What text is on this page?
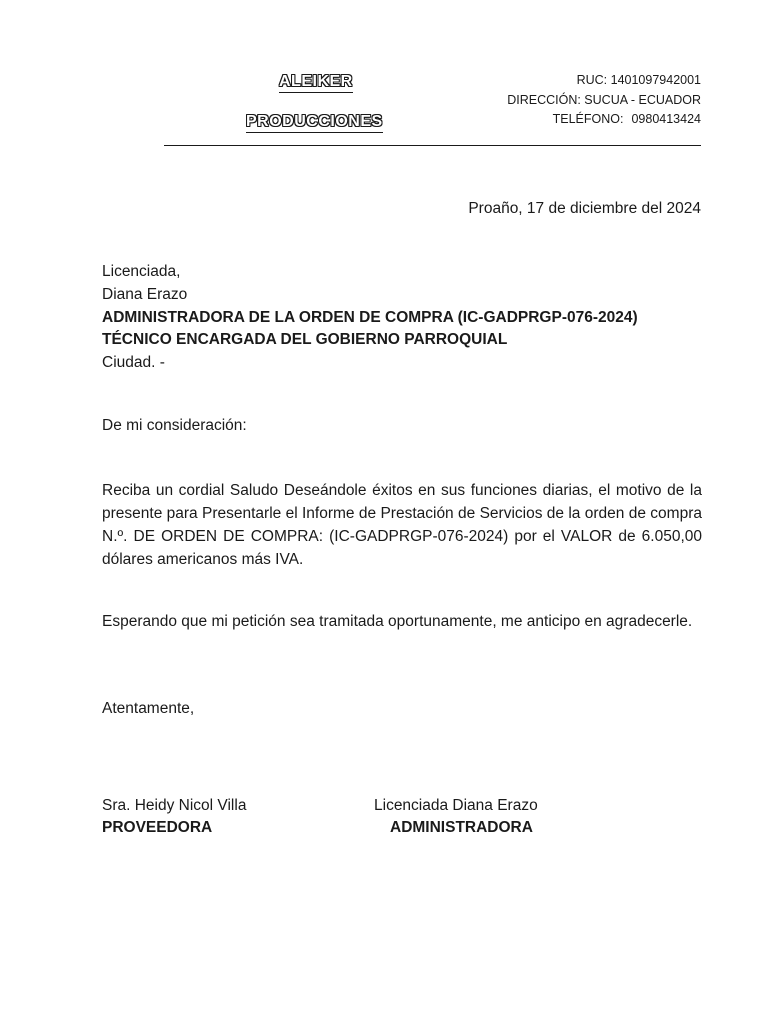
ALEIKER
PRODUCCIONES
RUC: 1401097942001
DIRECCIÓN: SUCUA - ECUADOR
TELÉFONO: 0980413424
Proaño, 17 de diciembre del 2024
Licenciada,
Diana Erazo
ADMINISTRADORA DE LA ORDEN DE COMPRA (IC-GADPRGP-076-2024)
TÉCNICO ENCARGADA DEL GOBIERNO PARROQUIAL
Ciudad. -
De mi consideración:
Reciba un cordial Saludo Deseándole éxitos en sus funciones diarias, el motivo de la presente para Presentarle el Informe de Prestación de Servicios de la orden de compra N.º. DE ORDEN DE COMPRA: (IC-GADPRGP-076-2024) por el VALOR de 6.050,00 dólares americanos más IVA.
Esperando que mi petición sea tramitada oportunamente, me anticipo en agradecerle.
Atentamente,
Sra. Heidy Nicol Villa
PROVEEDORA
Licenciada Diana Erazo
ADMINISTRADORA
